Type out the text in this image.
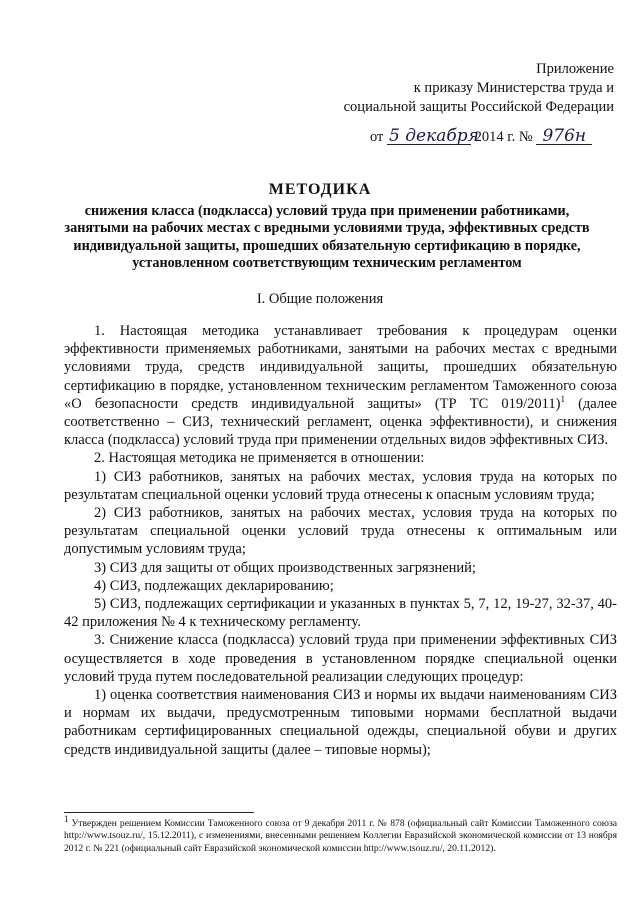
Приложение
к приказу Министерства труда и
социальной защиты Российской Федерации
от 5 декабря 2014 г. № 976н
МЕТОДИКА
снижения класса (подкласса) условий труда при применении работниками, занятыми на рабочих местах с вредными условиями труда, эффективных средств индивидуальной защиты, прошедших обязательную сертификацию в порядке, установленном соответствующим техническим регламентом
I. Общие положения

1. Настоящая методика устанавливает требования к процедурам оценки эффективности применяемых работниками, занятыми на рабочих местах с вредными условиями труда, средств индивидуальной защиты, прошедших обязательную сертификацию в порядке, установленном техническим регламентом Таможенного союза «О безопасности средств индивидуальной защиты» (ТР ТС 019/2011)$^1$ (далее соответственно – СИЗ, технический регламент, оценка эффективности), и снижения класса (подкласса) условий труда при применении отдельных видов эффективных СИЗ.

2. Настоящая методика не применяется в отношении:

1) СИЗ работников, занятых на рабочих местах, условия труда на которых по результатам специальной оценки условий труда отнесены к опасным условиям труда;

2) СИЗ работников, занятых на рабочих местах, условия труда на которых по результатам специальной оценки условий труда отнесены к оптимальным или допустимым условиям труда;

3) СИЗ для защиты от общих производственных загрязнений;

4) СИЗ, подлежащих декларированию;

5) СИЗ, подлежащих сертификации и указанных в пунктах 5, 7, 12, 19-27, 32-37, 40-42 приложения № 4 к техническому регламенту.

3. Снижение класса (подкласса) условий труда при применении эффективных СИЗ осуществляется в ходе проведения в установленном порядке специальной оценки условий труда путем последовательной реализации следующих процедур:

1) оценка соответствия наименования СИЗ и нормы их выдачи наименованиям СИЗ и нормам их выдачи, предусмотренным типовыми нормами бесплатной выдачи работникам сертифицированных специальной одежды, специальной обуви и других средств индивидуальной защиты (далее – типовые нормы);

$^1$ Утвержден решением Комиссии Таможенного союза от 9 декабря 2011 г. № 878 (официальный сайт Комиссии Таможенного союза http://www.tsouz.ru/, 15.12.2011), с изменениями, внесенными решением Коллегии Евразийской экономической комиссии от 13 ноября 2012 г. № 221 (официальный сайт Евразийской экономической комиссии http://www.tsouz.ru/, 20.11.2012).
